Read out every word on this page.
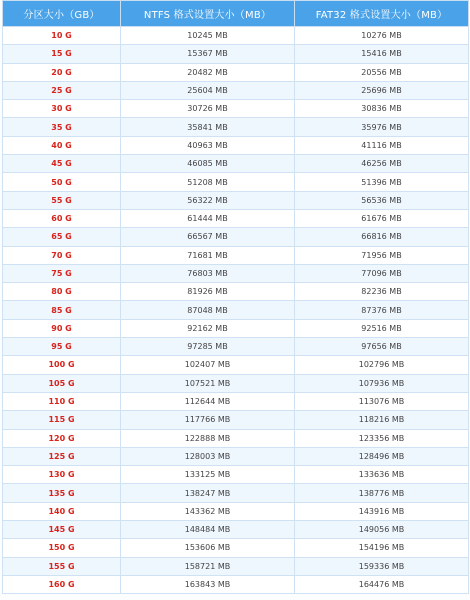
分区大小（GB）	NTFS 格式设置大小（MB）	FAT32 格式设置大小（MB）
10 G	10245 MB	10276 MB
15 G	15367 MB	15416 MB
20 G	20482 MB	20556 MB
25 G	25604 MB	25696 MB
30 G	30726 MB	30836 MB
35 G	35841 MB	35976 MB
40 G	40963 MB	41116 MB
45 G	46085 MB	46256 MB
50 G	51208 MB	51396 MB
55 G	56322 MB	56536 MB
60 G	61444 MB	61676 MB
65 G	66567 MB	66816 MB
70 G	71681 MB	71956 MB
75 G	76803 MB	77096 MB
80 G	81926 MB	82236 MB
85 G	87048 MB	87376 MB
90 G	92162 MB	92516 MB
95 G	97285 MB	97656 MB
100 G	102407 MB	102796 MB
105 G	107521 MB	107936 MB
110 G	112644 MB	113076 MB
115 G	117766 MB	118216 MB
120 G	122888 MB	123356 MB
125 G	128003 MB	128496 MB
130 G	133125 MB	133636 MB
135 G	138247 MB	138776 MB
140 G	143362 MB	143916 MB
145 G	148484 MB	149056 MB
150 G	153606 MB	154196 MB
155 G	158721 MB	159336 MB
160 G	163843 MB	164476 MB
